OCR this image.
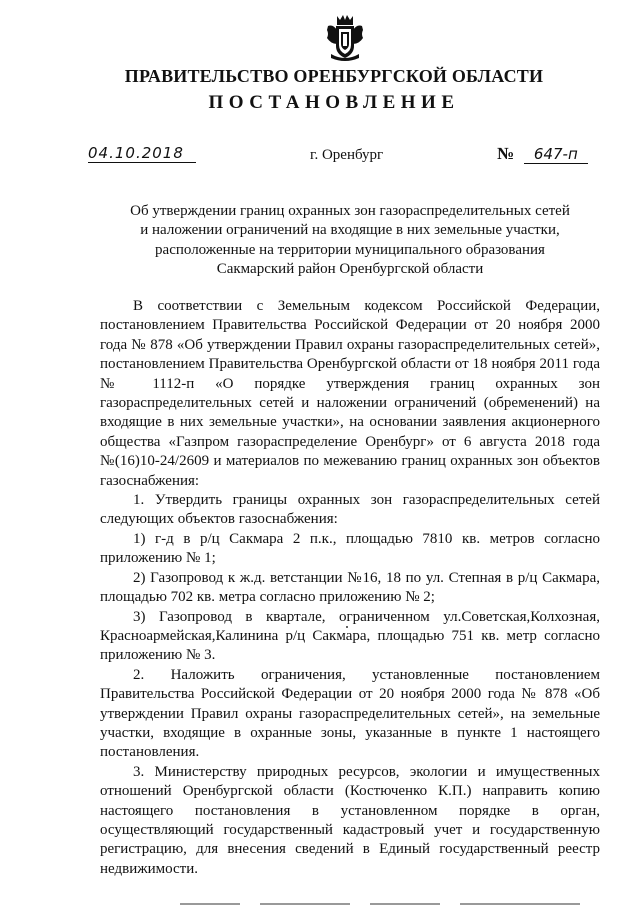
ПРАВИТЕЛЬСТВО ОРЕНБУРГСКОЙ ОБЛАСТИ
ПОСТАНОВЛЕНИЕ
04.10.2018	г. Оренбург	№ 647-п
Об утверждении границ охранных зон газораспределительных сетей
и наложении ограничений на входящие в них земельные участки,
расположенные на территории муниципального образования
Сакмарский район Оренбургской области

В соответствии с Земельным кодексом Российской Федерации, постановлением Правительства Российской Федерации от 20 ноября 2000 года № 878 «Об утверждении Правил охраны газораспределительных сетей», постановлением Правительства Оренбургской области от 18 ноября 2011 года № 1112-п «О порядке утверждения границ охранных зон газораспределительных сетей и наложении ограничений (обременений) на входящие в них земельные участки», на основании заявления акционерного общества «Газпром газораспределение Оренбург» от 6 августа 2018 года №(16)10-24/2609 и материалов по межеванию границ охранных зон объектов газоснабжения:

1. Утвердить границы охранных зон газораспределительных сетей следующих объектов газоснабжения:

1) г-д в р/ц Сакмара 2 п.к., площадью 7810 кв. метров согласно приложению № 1;

2) Газопровод к ж.д. ветстанции №16, 18 по ул. Степная в р/ц Сакмара, площадью 702 кв. метра согласно приложению № 2;

3) Газопровод в квартале, ограниченном ул.Советская,Колхозная, Красноармейская,Калинина р/ц Сакмара, площадью 751 кв. метр согласно приложению № 3.

2. Наложить ограничения, установленные постановлением Правительства Российской Федерации от 20 ноября 2000 года № 878 «Об утверждении Правил охраны газораспределительных сетей», на земельные участки, входящие в охранные зоны, указанные в пункте 1 настоящего постановления.

3. Министерству природных ресурсов, экологии и имущественных отношений Оренбургской области (Костюченко К.П.) направить копию настоящего постановления в установленном порядке в орган, осуществляющий государственный кадастровый учет и государственную регистрацию, для внесения сведений в Единый государственный реестр недвижимости.
